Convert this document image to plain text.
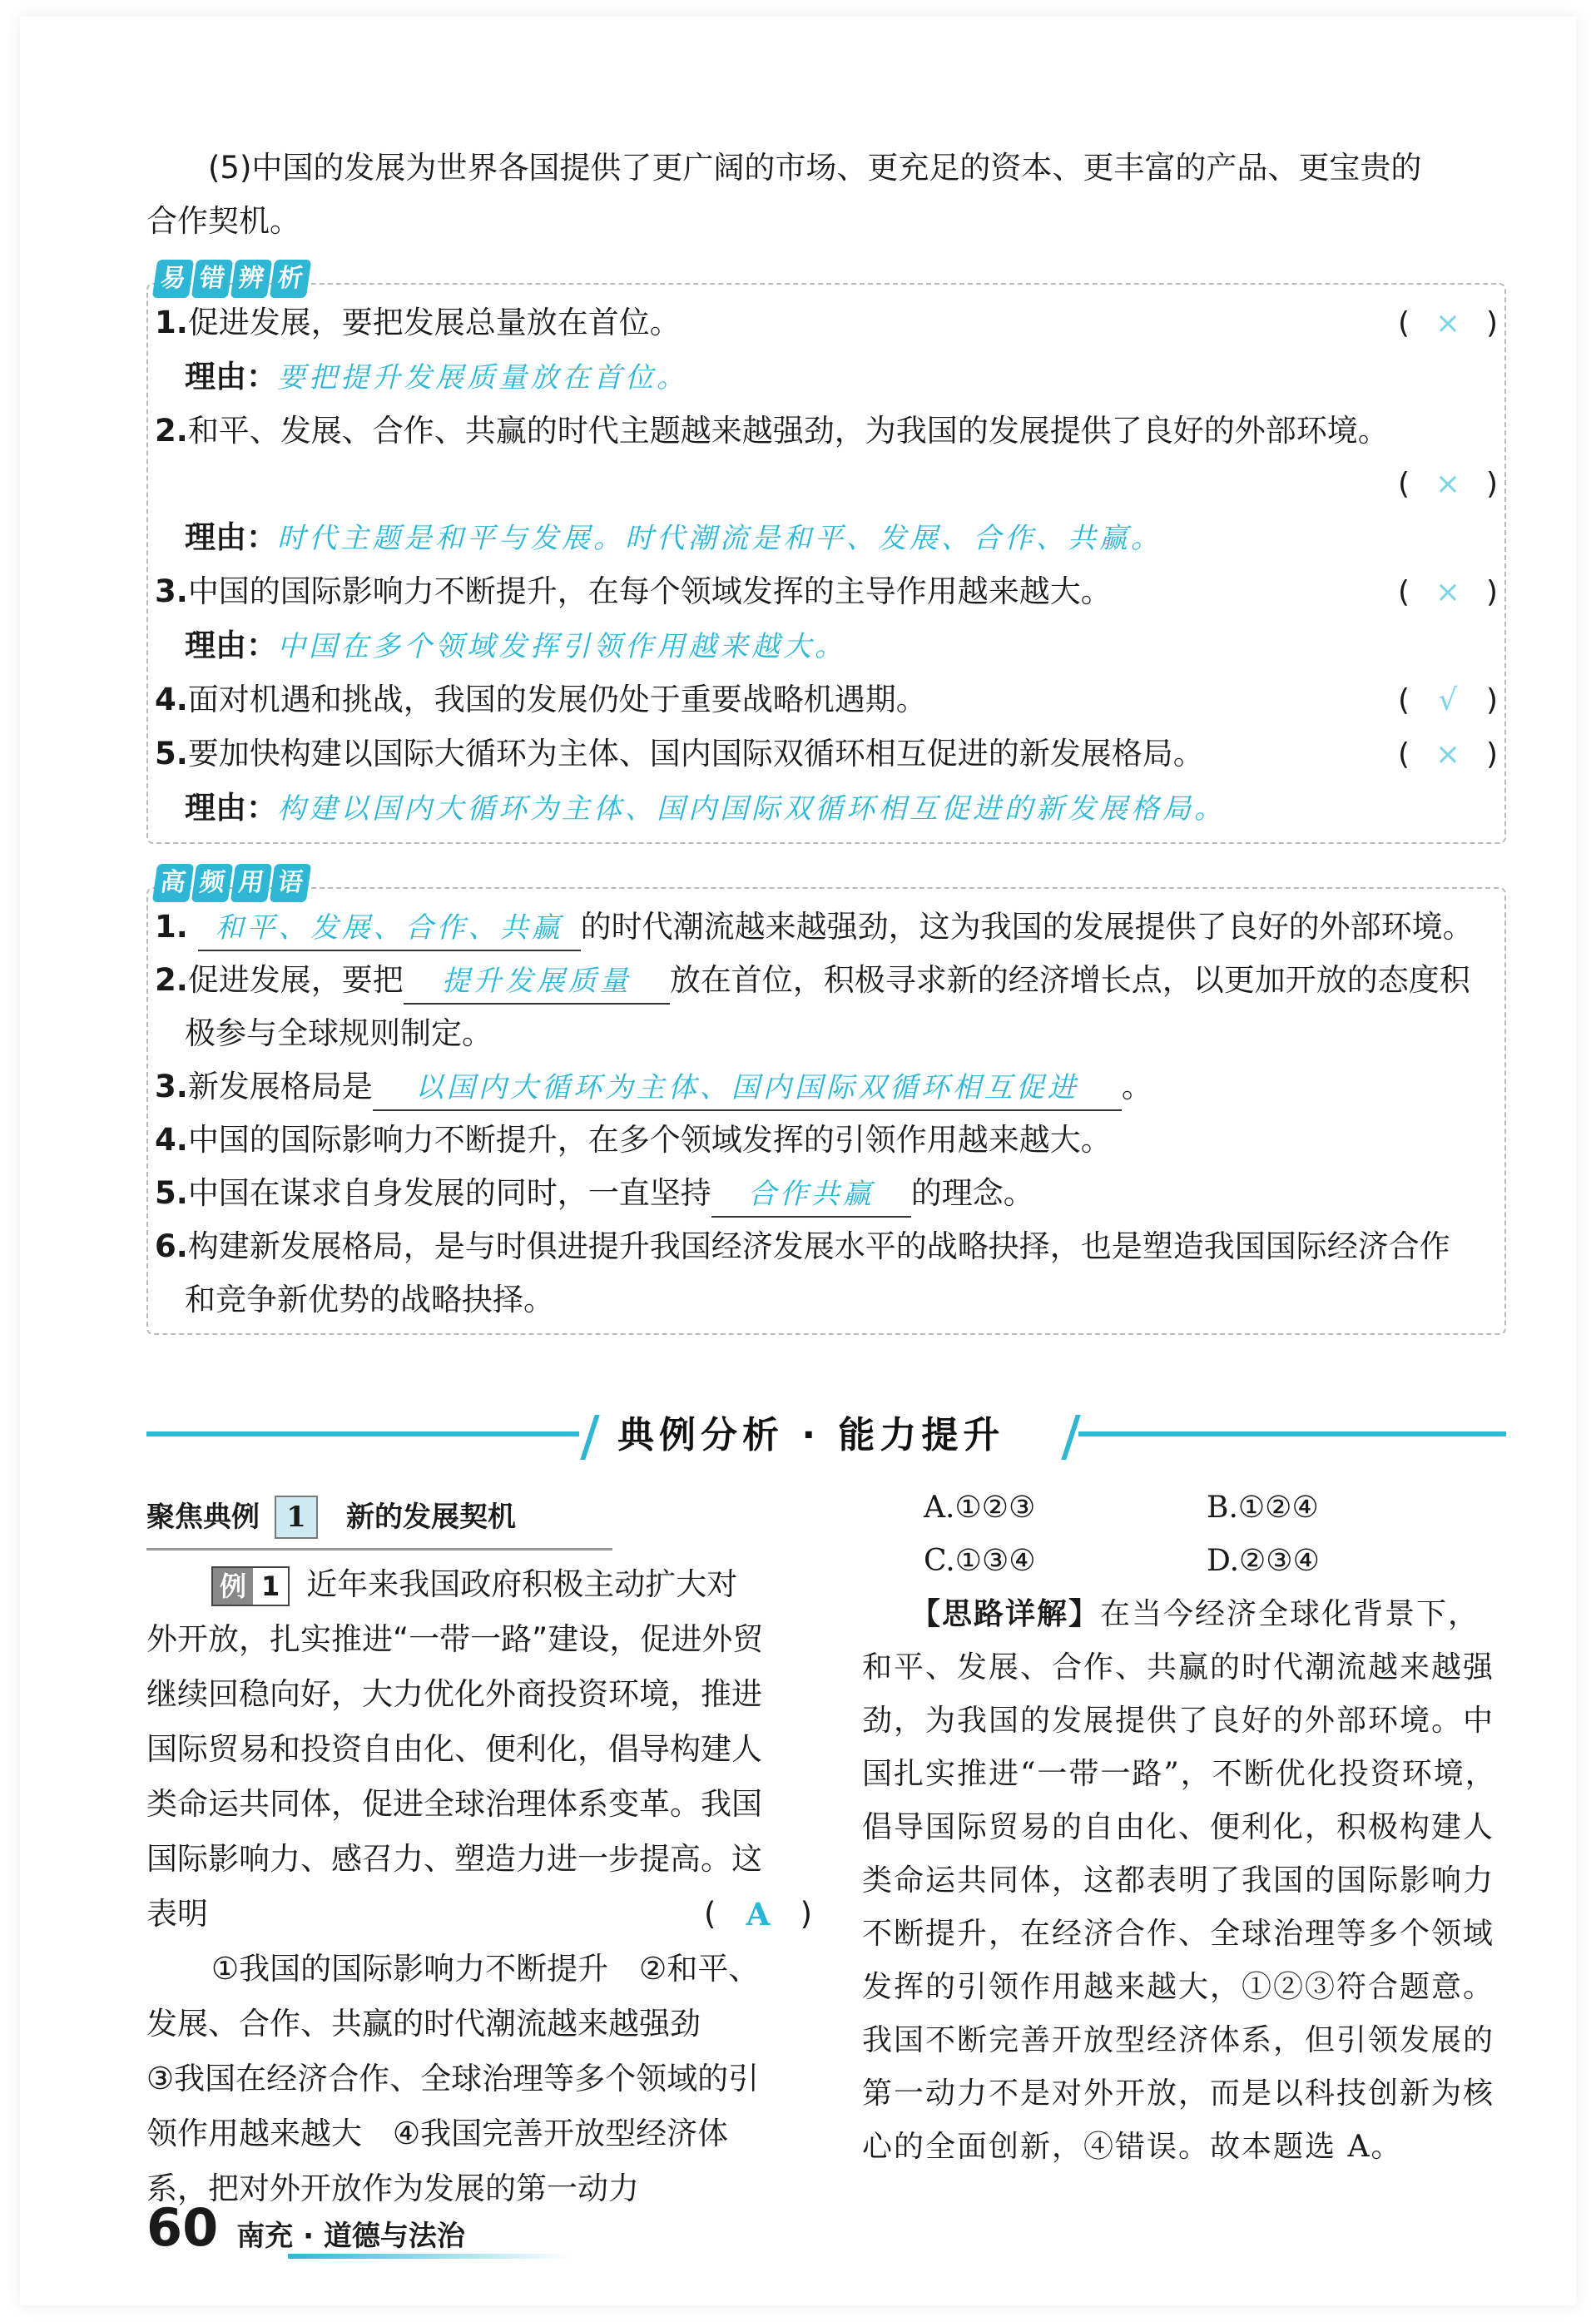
(5)中国的发展为世界各国提供了更广阔的市场、更充足的资本、更丰富的产品、更宝贵的

合作契机。

易 错 辨 析
1.促进发展，要把发展总量放在首位。	( × )
理由：要把提升发展质量放在首位。
2.和平、发展、合作、共赢的时代主题越来越强劲，为我国的发展提供了良好的外部环境。
( × )
理由：时代主题是和平与发展。时代潮流是和平、发展、合作、共赢。
3.中国的国际影响力不断提升，在每个领域发挥的主导作用越来越大。	( × )
理由：中国在多个领域发挥引领作用越来越大。
4.面对机遇和挑战，我国的发展仍处于重要战略机遇期。	( √ )
5.要加快构建以国际大循环为主体、国内国际双循环相互促进的新发展格局。	( × )
理由：构建以国内大循环为主体、国内国际双循环相互促进的新发展格局。
高 频 用 语
1. 和平、发展、合作、共赢 的时代潮流越来越强劲，这为我国的发展提供了良好的外部环境。
2.促进发展，要把 提升发展质量 放在首位，积极寻求新的经济增长点，以更加开放的态度积
极参与全球规则制定。
3.新发展格局是 以国内大循环为主体、国内国际双循环相互促进 。
4.中国的国际影响力不断提升，在多个领域发挥的引领作用越来越大。
5.中国在谋求自身发展的同时，一直坚持 合作共赢 的理念。
6.构建新发展格局，是与时俱进提升我国经济发展水平的战略抉择，也是塑造我国国际经济合作
和竞争新优势的战略抉择。
典例分析 · 能力提升
聚焦典例 1	新的发展契机
例 1 近年来我国政府积极主动扩大对
外开放，扎实推进“一带一路”建设，促进外贸
继续回稳向好，大力优化外商投资环境，推进
国际贸易和投资自由化、便利化，倡导构建人
类命运共同体，促进全球治理体系变革。我国
国际影响力、感召力、塑造力进一步提高。这
表明	( A )
①我国的国际影响力不断提升　②和平、
发展、合作、共赢的时代潮流越来越强劲
③我国在经济合作、全球治理等多个领域的引
领作用越来越大　④我国完善开放型经济体
系，把对外开放作为发展的第一动力
A.①②③	B.①②④
C.①③④	D.②③④
【思路详解】在当今经济全球化背景下，
和平、发展、合作、共赢的时代潮流越来越强
劲，为我国的发展提供了良好的外部环境。中
国扎实推进“一带一路”，不断优化投资环境，
倡导国际贸易的自由化、便利化，积极构建人
类命运共同体，这都表明了我国的国际影响力
不断提升，在经济合作、全球治理等多个领域
发挥的引领作用越来越大，①②③符合题意。
我国不断完善开放型经济体系，但引领发展的
第一动力不是对外开放，而是以科技创新为核
心的全面创新，④错误。故本题选 A。
60 南充 · 道德与法治
